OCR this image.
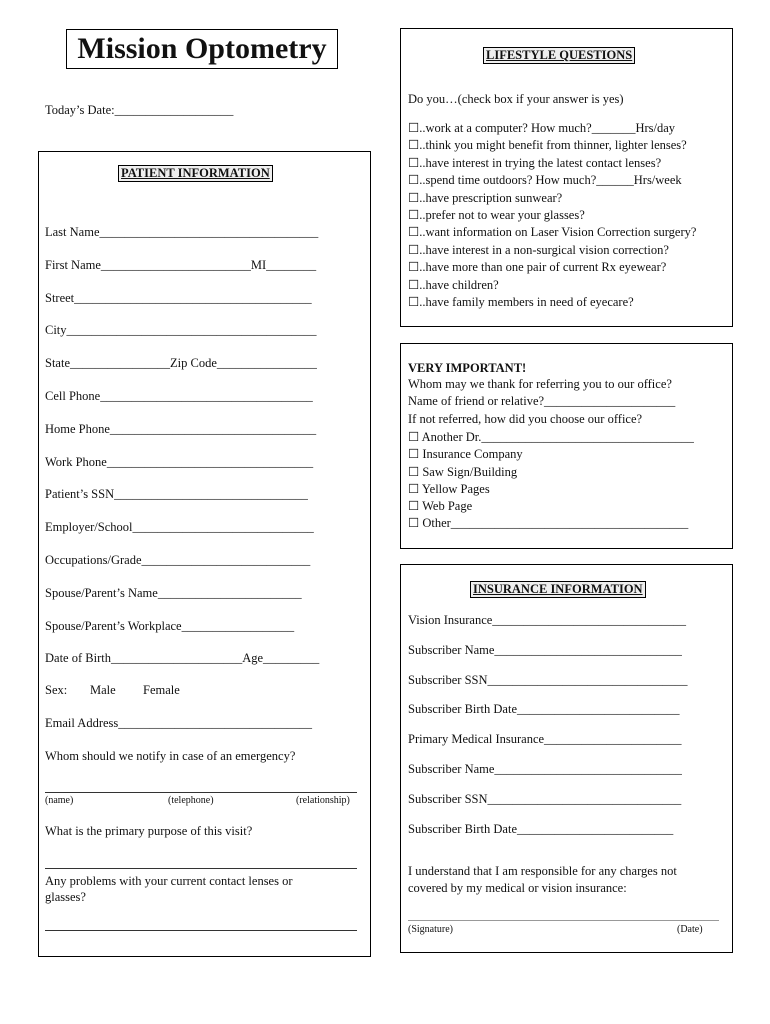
Mission Optometry
Today’s Date:___________________
PATIENT INFORMATION
Last Name___________________________________
First Name________________________MI________
Street______________________________________
City________________________________________
State________________Zip Code________________
Cell Phone__________________________________
Home Phone_________________________________
Work Phone_________________________________
Patient’s SSN_______________________________
Employer/School_____________________________
Occupations/Grade___________________________
Spouse/Parent’s Name_______________________
Spouse/Parent’s Workplace__________________
Date of Birth_____________________Age_________
Sex: Male Female
Email Address_______________________________
Whom should we notify in case of an emergency?
(name)	(telephone)	(relationship)
What is the primary purpose of this visit?
Any problems with your current contact lenses or
glasses?
LIFESTYLE QUESTIONS
Do you…(check box if your answer is yes)
☐..work at a computer? How much?_______Hrs/day
☐..think you might benefit from thinner, lighter lenses?
☐..have interest in trying the latest contact lenses?
☐..spend time outdoors? How much?______Hrs/week
☐..have prescription sunwear?
☐..prefer not to wear your glasses?
☐..want information on Laser Vision Correction surgery?
☐..have interest in a non-surgical vision correction?
☐..have more than one pair of current Rx eyewear?
☐..have children?
☐..have family members in need of eyecare?
VERY IMPORTANT!
Whom may we thank for referring you to our office?
Name of friend or relative?_____________________
If not referred, how did you choose our office?
☐ Another Dr.__________________________________
☐ Insurance Company
☐ Saw Sign/Building
☐ Yellow Pages
☐ Web Page
☐ Other______________________________________
INSURANCE INFORMATION
Vision Insurance_______________________________
Subscriber Name______________________________
Subscriber SSN________________________________
Subscriber Birth Date__________________________
Primary Medical Insurance______________________
Subscriber Name______________________________
Subscriber SSN_______________________________
Subscriber Birth Date_________________________
I understand that I am responsible for any charges not
covered by my medical or vision insurance:
(Signature)	(Date)
